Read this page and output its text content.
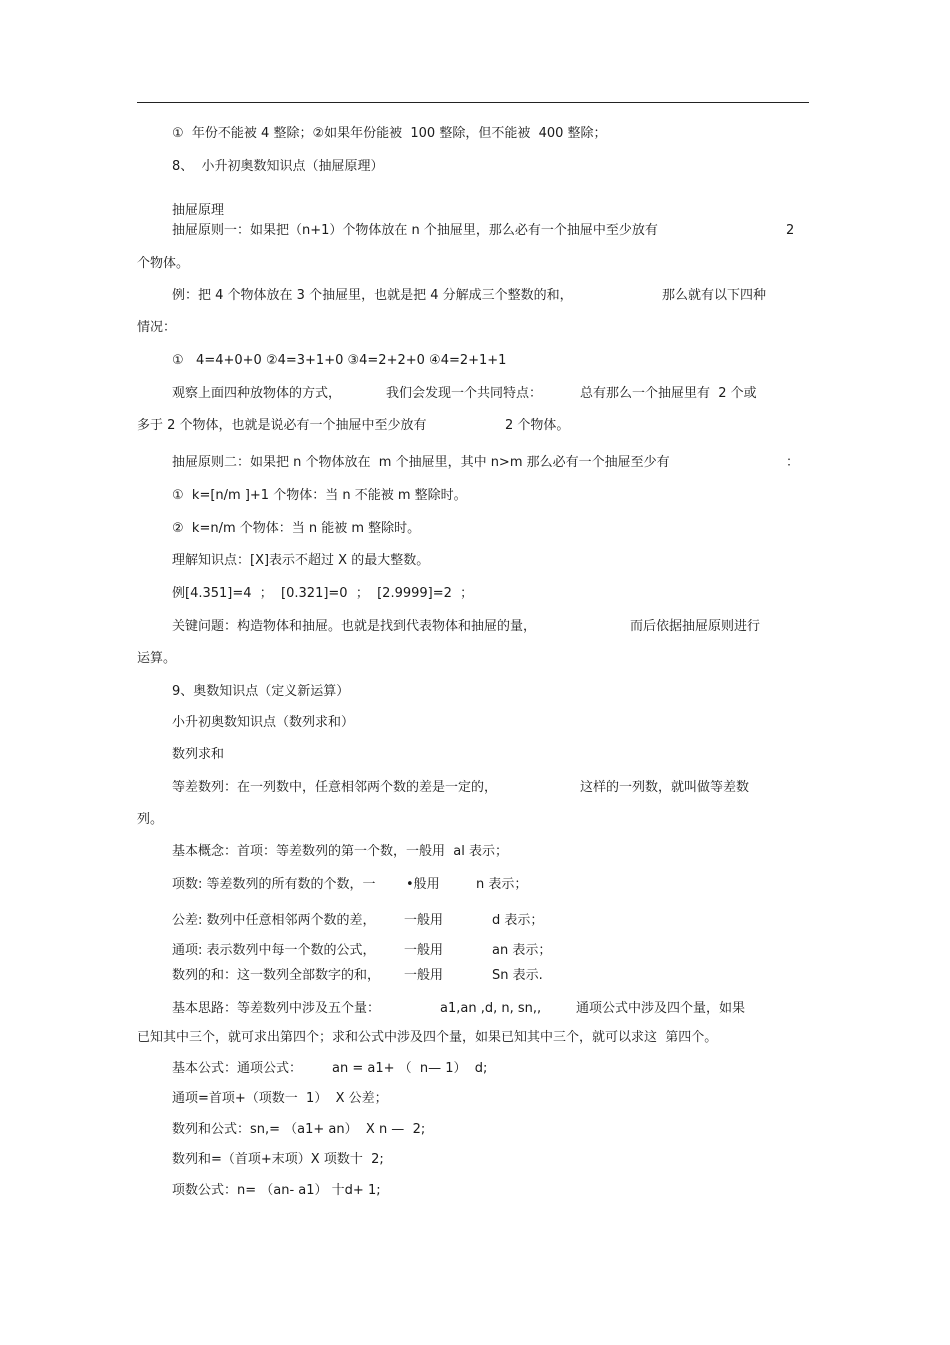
①  年份不能被 4 整除；②如果年份能被  100 整除，但不能被  400 整除；
8、  小升初奥数知识点（抽屉原理）
抽屉原理

抽屉原则一：如果把（n+1）个物体放在 n 个抽屉里，那么必有一个抽屉中至少放有

	2

个物体。

例：把 4 个物体放在 3 个抽屉里，也就是把 4 分解成三个整数的和，

	那么就有以下四种

情况：
①   4=4+0+0 ②4=3+1+0 ③4=2+2+0 ④4=2+1+1

观察上面四种放物体的方式，

	我们会发现一个共同特点：

	总有那么一个抽屉里有  2 个或

多于 2 个物体，也就是说必有一个抽屉中至少放有

	2 个物体。

抽屉原则二：如果把 n 个物体放在  m 个抽屉里，其中 n>m 那么必有一个抽屉至少有

	：

①  k=[n/m ]+1 个物体：当 n 不能被 m 整除时。
②  k=n/m 个物体：当 n 能被 m 整除时。
理解知识点：[X]表示不超过 X 的最大整数。
例[4.351]=4  ；  [0.321]=0  ；  [2.9999]=2  ；

关键问题：构造物体和抽屉。也就是找到代表物体和抽屉的量，

	而后依据抽屉原则进行

运算。
9、奥数知识点（定义新运算）
小升初奥数知识点（数列求和）
数列求和

等差数列：在一列数中，任意相邻两个数的差是一定的，

	这样的一列数，就叫做等差数

列。
基本概念：首项：等差数列的第一个数，一般用  al 表示；

项数: 等差数列的所有数的个数，一

•般用

	n 表示；

公差: 数列中任意相邻两个数的差，

一般用

	d 表示；

通项: 表示数列中每一个数的公式，

一般用

	an 表示；

数列的和：这一数列全部数字的和，

一般用

	Sn 表示.

基本思路：等差数列中涉及五个量：

	a1,an ,d, n, sn,,

	通项公式中涉及四个量，如果

已知其中三个，就可求出第四个；求和公式中涉及四个量，如果已知其中三个，就可以求这  第四个。

基本公式：通项公式：

an = a1+ （  n— 1）  d;

通项=首项+（项数一  1）  X 公差；
数列和公式：sn,= （a1+ an）  X n —  2;
数列和=（首项+末项）X 项数十  2;
项数公式：n= （an- a1） 十d+ 1;
